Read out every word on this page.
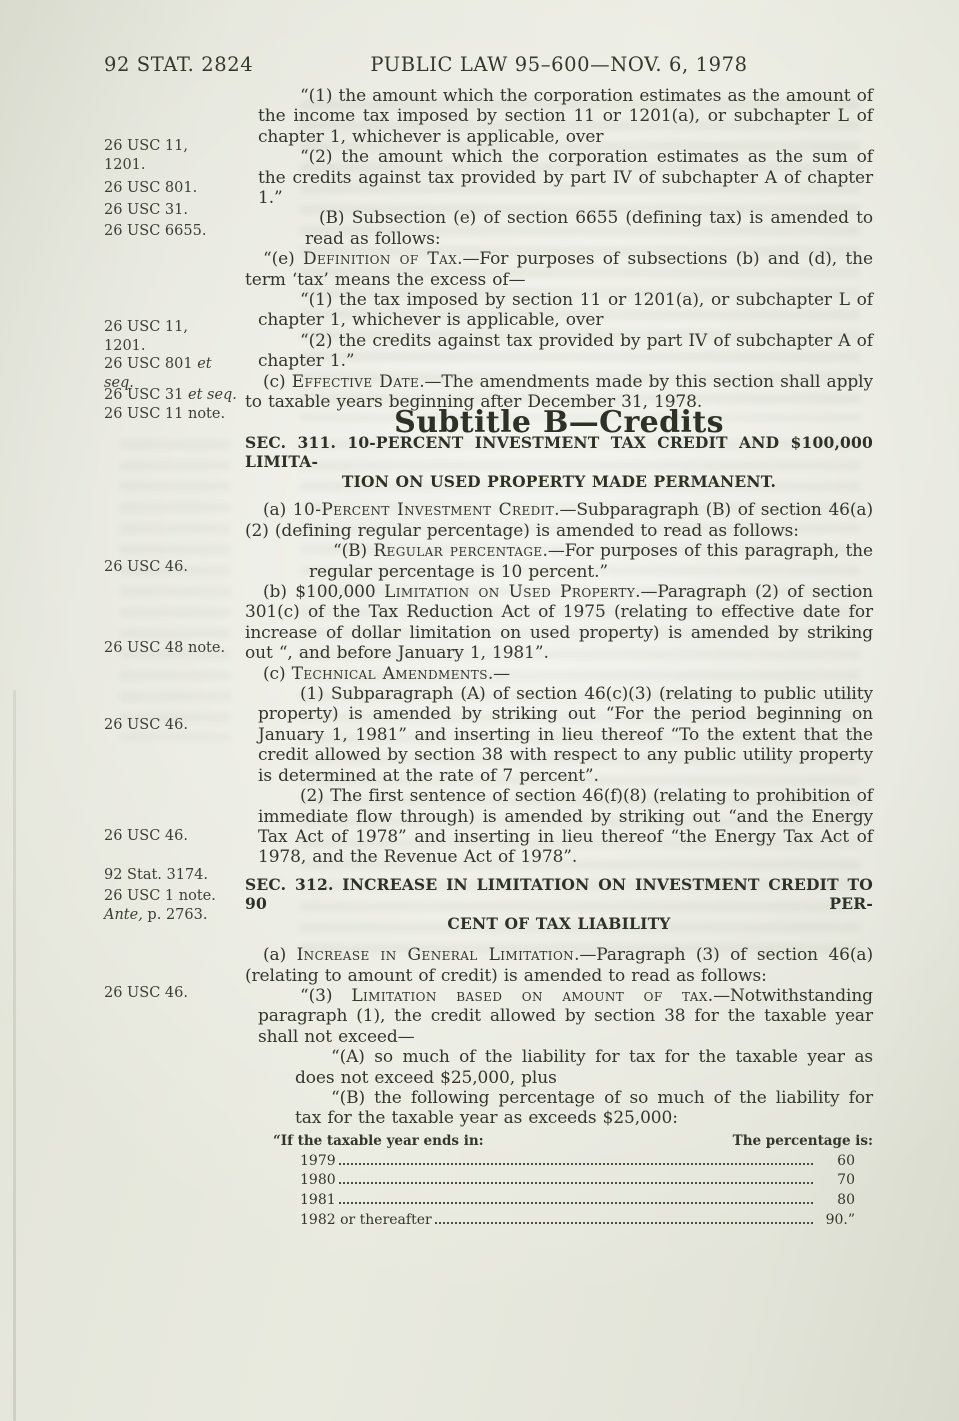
92 STAT. 2824	PUBLIC LAW 95–600—NOV. 6, 1978
26 USC 11,
1201.
26 USC 801.
26 USC 31.
26 USC 6655.
26 USC 11,
1201.
26 USC 801 et
seq.
26 USC 31 et seq.
26 USC 11 note.
26 USC 46.
26 USC 48 note.
26 USC 46.
26 USC 46.
92 Stat. 3174.
26 USC 1 note.
Ante, p. 2763.
26 USC 46.

“(1) the amount which the corporation estimates as the amount of the income tax imposed by section 11 or 1201(a), or subchapter L of chapter 1, whichever is applicable, over

“(2) the amount which the corporation estimates as the sum of the credits against tax provided by part IV of subchapter A of chapter 1.”

(B) Subsection (e) of section 6655 (defining tax) is amended to read as follows:

“(e) Definition of Tax.—For purposes of subsections (b) and (d), the term ‘tax’ means the excess of—

“(1) the tax imposed by section 11 or 1201(a), or subchapter L of chapter 1, whichever is applicable, over

“(2) the credits against tax provided by part IV of subchapter A of chapter 1.”

(c) Effective Date.—The amendments made by this section shall apply to taxable years beginning after December 31, 1978.

Subtitle B—Credits

SEC. 311. 10-PERCENT INVESTMENT TAX CREDIT AND $100,000 LIMITA-
TION ON USED PROPERTY MADE PERMANENT.

(a) 10-Percent Investment Credit.—Subparagraph (B) of section 46(a)(2) (defining regular percentage) is amended to read as follows:

“(B) Regular percentage.—For purposes of this paragraph, the regular percentage is 10 percent.”

(b) $100,000 Limitation on Used Property.—Paragraph (2) of section 301(c) of the Tax Reduction Act of 1975 (relating to effective date for increase of dollar limitation on used property) is amended by striking out “, and before January 1, 1981”.

(c) Technical Amendments.—

(1) Subparagraph (A) of section 46(c)(3) (relating to public utility property) is amended by striking out “For the period beginning on January 1, 1981” and inserting in lieu thereof “To the extent that the credit allowed by section 38 with respect to any public utility property is determined at the rate of 7 percent”.

(2) The first sentence of section 46(f)(8) (relating to prohibition of immediate flow through) is amended by striking out “and the Energy Tax Act of 1978” and inserting in lieu thereof “the Energy Tax Act of 1978, and the Revenue Act of 1978”.

SEC. 312. INCREASE IN LIMITATION ON INVESTMENT CREDIT TO 90 PER-
CENT OF TAX LIABILITY

(a) Increase in General Limitation.—Paragraph (3) of section 46(a) (relating to amount of credit) is amended to read as follows:

“(3) Limitation based on amount of tax.—Notwithstanding paragraph (1), the credit allowed by section 38 for the taxable year shall not exceed—

“(A) so much of the liability for tax for the taxable year as does not exceed $25,000, plus

“(B) the following percentage of so much of the liability for tax for the taxable year as exceeds $25,000:

“If the taxable year ends in:	The percentage is:
1979	60
1980	70
1981	80
1982 or thereafter	90.”
